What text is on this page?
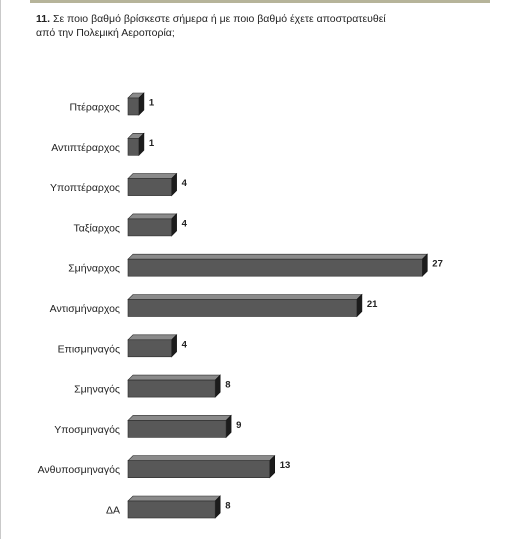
11. Σε ποιο βαθμό βρίσκεστε σήμερα ή με ποιο βαθμό έχετε αποστρατευθεί
από την Πολεμική Αεροπορία;
Πτέραρχος	1
Αντιπτέραρχος	1
Υποπτέραρχος	4
Ταξίαρχος	4
Σμήναρχος	27
Αντισμήναρχος	21
Επισμηναγός	4
Σμηναγός	8
Υποσμηναγός	9
Ανθυποσμηναγός	13
ΔΑ	8
